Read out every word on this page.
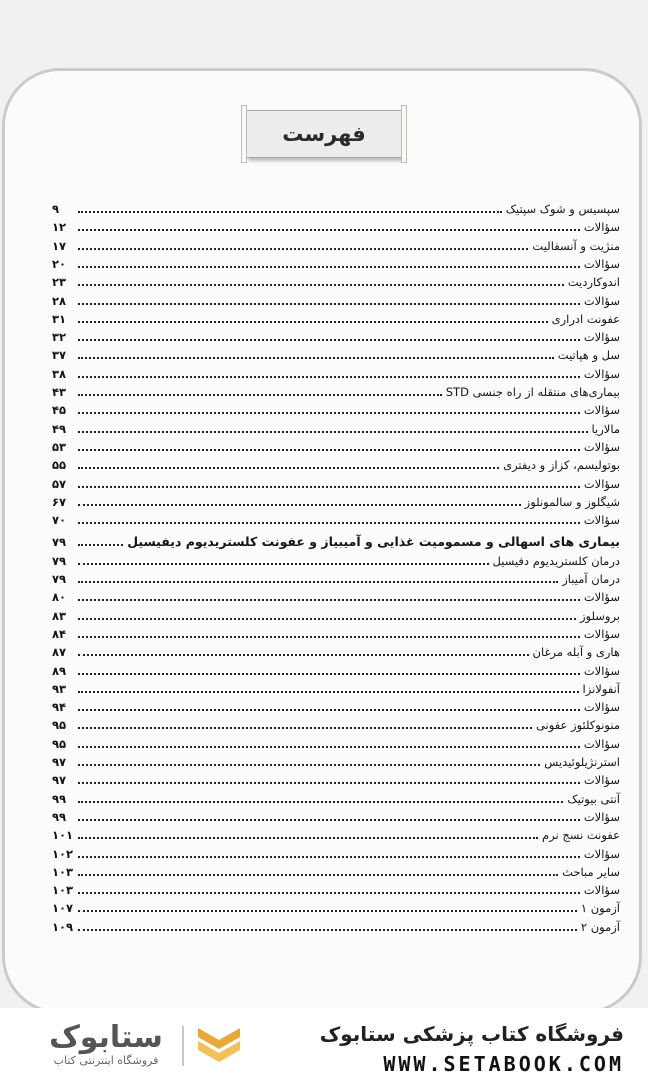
فهرست
سپسیس و شوک سپتیک
۹
سؤالات
۱۲
منژیت و آنسفالیت
۱۷
سؤالات
۲۰
اندوکاردیت
۲۳
سؤالات
۲۸
عفونت ادراری
۳۱
سؤالات
۳۲
سل و هپاتیت
۳۷
سؤالات
۳۸
بیماری‌های منتقله از راه جنسی STD
۴۳
سؤالات
۴۵
مالاریا
۴۹
سؤالات
۵۳
بوتولیسم، کزاز و دیفتری
۵۵
سؤالات
۵۷
شیگلوز و سالمونلوز
۶۷
سؤالات
۷۰
بیماری های اسهالی و مسمومیت غذایی و آمیبیاز و عفونت کلستریدیوم دیفیسیل
۷۹
درمان کلستریدیوم دفیسیل
۷۹
درمان آمیباز
۷۹
سؤالات
۸۰
بروسلوز
۸۳
سؤالات
۸۴
هاری و آبله مرغان
۸۷
سؤالات
۸۹
آنفولانزا
۹۳
سؤالات
۹۴
منونوکلئوز عفونی
۹۵
سؤالات
۹۵
استرنژیلوئیدیس
۹۷
سؤالات
۹۷
آنتی بیوتیک
۹۹
سؤالات
۹۹
عفونت نسج نرم
۱۰۱
سؤالات
۱۰۲
سایر مباحث
۱۰۳
سؤالات
۱۰۳
آزمون ۱
۱۰۷
آزمون ۲
۱۰۹
ستابوک
فروشگاه اینترنتی کتاب
فروشگاه کتاب پزشکی ستابوک
WWW.SETABOOK.COM
